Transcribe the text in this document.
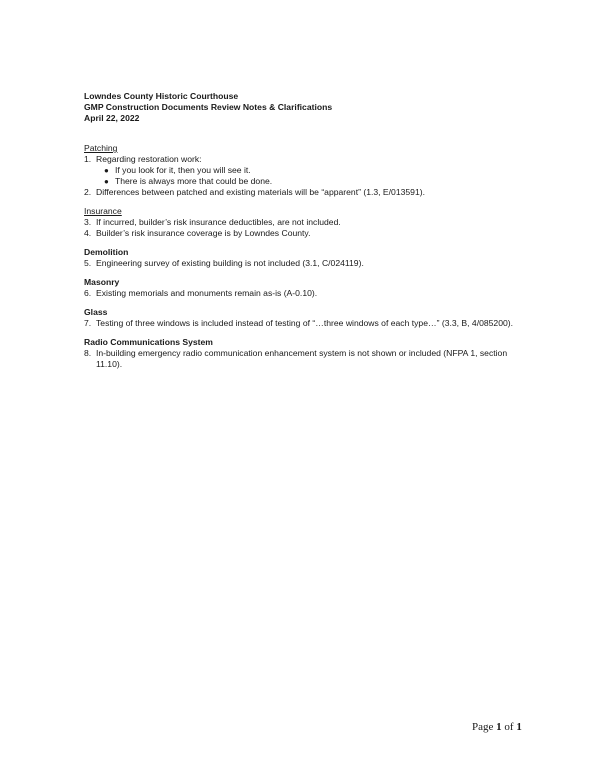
Lowndes County Historic Courthouse
GMP Construction Documents Review Notes & Clarifications
April 22, 2022
Patching
1. Regarding restoration work:
● If you look for it, then you will see it.
● There is always more that could be done.
2. Differences between patched and existing materials will be “apparent” (1.3, E/013591).
Insurance
3. If incurred, builder’s risk insurance deductibles, are not included.
4. Builder’s risk insurance coverage is by Lowndes County.
Demolition
5. Engineering survey of existing building is not included (3.1, C/024119).
Masonry
6. Existing memorials and monuments remain as-is (A-0.10).
Glass
7. Testing of three windows is included instead of testing of “…three windows of each type…” (3.3, B, 4/085200).
Radio Communications System
8. In-building emergency radio communication enhancement system is not shown or included (NFPA 1, section 11.10).
Page 1 of 1
